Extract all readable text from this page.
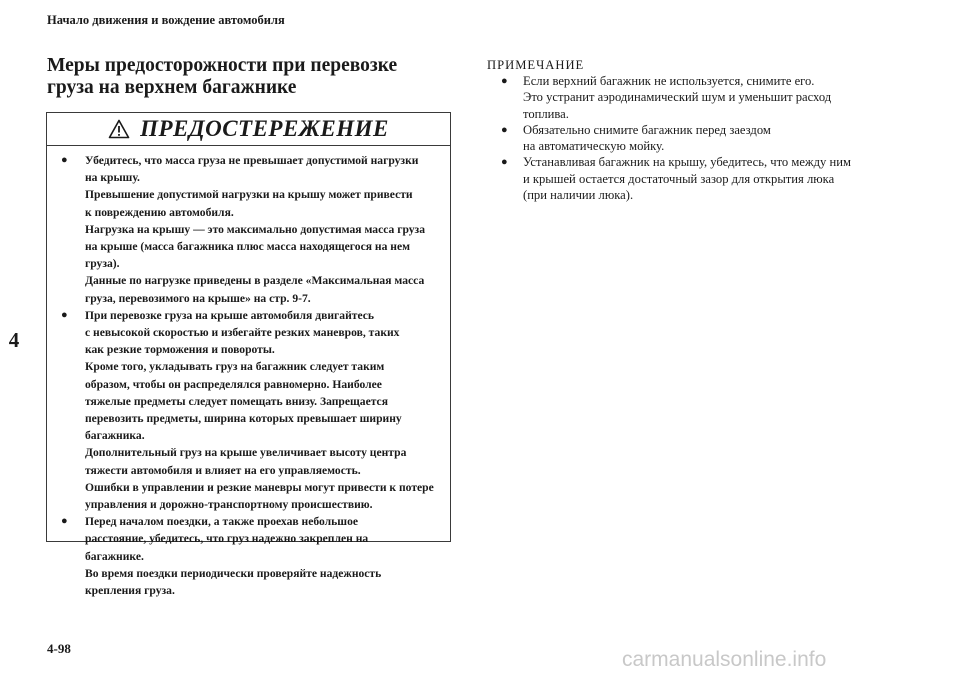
Начало движения и вождение автомобиля
Меры предосторожности при перевозке
груза на верхнем багажнике
4
ПРЕДОСТЕРЕЖЕНИЕ
●	Убедитесь, что масса груза не превышает допустимой нагрузки
на крышу.

Превышение допустимой нагрузки на крышу может привести
к повреждению автомобиля.

Нагрузка на крышу — это максимально допустимая масса груза
на крыше (масса багажника плюс масса находящегося на нем
груза).

Данные по нагрузке приведены в разделе «Максимальная масса
груза, перевозимого на крыше» на стр. 9-7.

●	При перевозке груза на крыше автомобиля двигайтесь
с невысокой скоростью и избегайте резких маневров, таких
как резкие торможения и повороты.

Кроме того, укладывать груз на багажник следует таким
образом, чтобы он распределялся равномерно. Наиболее
тяжелые предметы следует помещать внизу. Запрещается
перевозить предметы, ширина которых превышает ширину
багажника.

Дополнительный груз на крыше увеличивает высоту центра
тяжести автомобиля и влияет на его управляемость.

Ошибки в управлении и резкие маневры могут привести к потере
управления и дорожно-транспортному происшествию.

●	Перед началом поездки, а также проехав небольшое
расстояние, убедитесь, что груз надежно закреплен на
багажнике.

Во время поездки периодически проверяйте надежность
крепления груза.

ПРИМЕЧАНИЕ
●	Если верхний багажник не используется, снимите его.
Это устранит аэродинамический шум и уменьшит расход
топлива.

●	Обязательно снимите багажник перед заездом
на автоматическую мойку.

●	Устанавливая багажник на крышу, убедитесь, что между ним
и крышей остается достаточный зазор для открытия люка
(при наличии люка).

4-98	carmanualsonline.info
